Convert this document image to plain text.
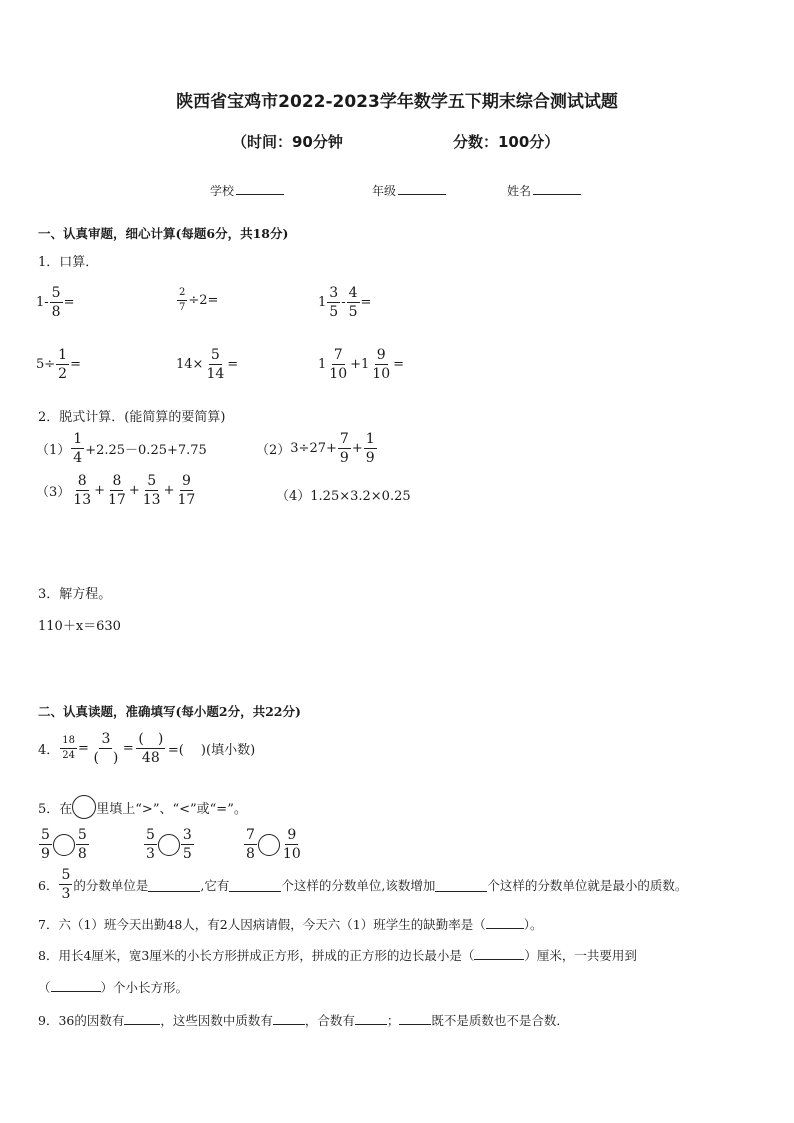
陕西省宝鸡市2022-2023学年数学五下期末综合测试试题
（时间：90分钟	分数：100分）
学校	年级	姓名
一、认真审题，细心计算(每题6分，共18分)
1．口算．
$1- \frac{5}{8}$ =	$\frac{2}{7} \div 2=$	$1 \frac{3}{5} - \frac{4}{5}$ =
$5\div \frac{1}{2}$ =	$14\times \frac{5}{14}$ =	$1 \frac{7}{10} +1 \frac{9}{10}$ =
2．脱式计算．(能简算的要简算)
$(1) \frac{1}{4} +2.25-0.25+7.75$	（2） $3\div 27+ \frac{7}{9} + \frac{1}{9}$
$(3) \frac{8}{13} + \frac{8}{17} + \frac{5}{13} + \frac{9}{17}$	（4）1.25×3.2×0.25
3．解方程。
110＋x＝630
二、认真读题，准确填写(每小题2分，共22分)
4． $\frac{18}{24} = \frac{3}{( )} = \frac{( )}{48}$ =(　 )(填小数)
5．在 里填上“>”、“<”或“=”。
$\frac{5}{9} \frac{5}{8}$	$\frac{5}{3} \frac{3}{5}$	$\frac{7}{8} \frac{9}{10}$
6． $\frac{5}{3}$ 的分数单位是	,它有	个这样的分数单位,该数增加	个这样的分数单位就是最小的质数。
7．六（1）班今天出勤48人，有2人因病请假，今天六（1）班学生的缺勤率是（	）。
8．用长4厘米，宽3厘米的小长方形拼成正方形，拼成的正方形的边长最小是（	）厘米，一共要用到
（	）个小长方形。
9．36的因数有	，这些因数中质数有	，合数有	；	既不是质数也不是合数．
